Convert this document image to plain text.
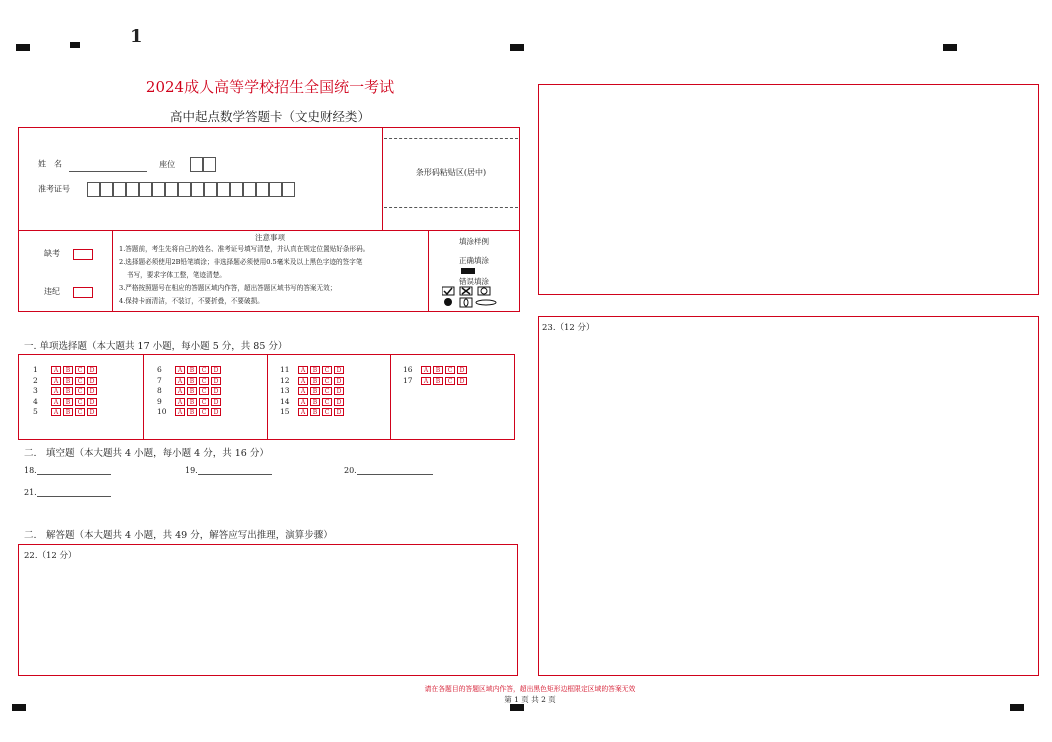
1
2024成人高等学校招生全国统一考试
高中起点数学答题卡（文史财经类）
姓　名	座位
准考证号
条形码粘贴区(居中)
缺考
违纪
注意事项
1.答题前，考生先将自己的姓名、准考证号填写清楚，并认真在规定位置贴好条形码。
2.选择题必须使用2B铅笔填涂；非选择题必须使用0.5毫米及以上黑色字迹的签字笔
书写，要求字体工整，笔迹清楚。
3.严格按照题号在相应的答题区域内作答，超出答题区域书写的答案无效；
4.保持卡面清洁，不装订，不要折叠，不要破损。
填涂样例
正确填涂
错误填涂
一. 单项选择题（本大题共 17 小题，每小题 5 分，共 85 分）
1	A B C D
2	A B C D
3	A B C D
4	A B C D
5	A B C D
6	A B C D
7	A B C D
8	A B C D
9	A B C D
10 A B C D
11 A B C D
12 A B C D
13 A B C D
14 A B C D
15 A B C D
16 A B C D
17 A B C D
二.　填空题（本大题共 4 小题，每小题 4 分，共 16 分）
18.	19.	20.
21.
二.　解答题（本大题共 4 小题，共 49 分，解答应写出推理，演算步骤）
22.（12 分）
23.（12 分）
请在各题目的答题区域内作答，超出黑色矩形边框限定区域的答案无效
第 1 页 共 2 页
